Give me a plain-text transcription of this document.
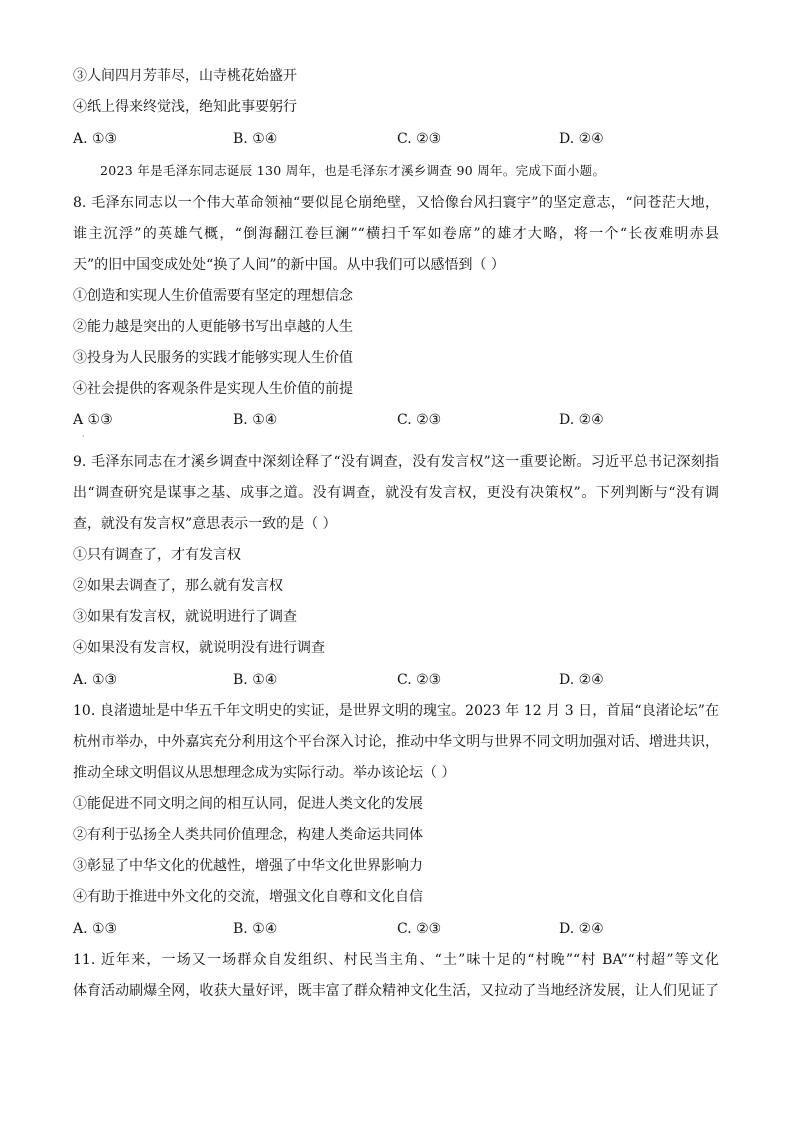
③人间四月芳菲尽，山寺桃花始盛开
④纸上得来终觉浅，绝知此事要躬行
A. ①③	B. ①④	C. ②③	D. ②④
2023 年是毛泽东同志诞辰 130 周年，也是毛泽东才溪乡调查 90 周年。完成下面小题。
8. 毛泽东同志以一个伟大革命领袖“要似昆仑崩绝壁，又恰像台风扫寰宇”的坚定意志，“问苍茫大地，
谁主沉浮”的英雄气概，“倒海翻江卷巨澜”“横扫千军如卷席”的雄才大略，将一个“长夜难明赤县
天”的旧中国变成处处“换了人间”的新中国。从中我们可以感悟到（ ）
①创造和实现人生价值需要有坚定的理想信念
②能力越是突出的人更能够书写出卓越的人生
③投身为人民服务的实践才能够实现人生价值
④社会提供的客观条件是实现人生价值的前提
A ①③	B. ①④	C. ②③	D. ②④
·
9. 毛泽东同志在才溪乡调查中深刻诠释了“没有调查，没有发言权”这一重要论断。习近平总书记深刻指
出“调查研究是谋事之基、成事之道。没有调查，就没有发言权，更没有决策权”。下列判断与“没有调
查，就没有发言权”意思表示一致的是（ ）
①只有调查了，才有发言权
②如果去调查了，那么就有发言权
③如果有发言权，就说明进行了调查
④如果没有发言权，就说明没有进行调查
A. ①③	B. ①④	C. ②③	D. ②④
10. 良渚遗址是中华五千年文明史的实证，是世界文明的瑰宝。2023 年 12 月 3 日，首届“良渚论坛”在
杭州市举办，中外嘉宾充分利用这个平台深入讨论，推动中华文明与世界不同文明加强对话、增进共识，
推动全球文明倡议从思想理念成为实际行动。举办该论坛（ ）
①能促进不同文明之间的相互认同，促进人类文化的发展
②有利于弘扬全人类共同价值理念，构建人类命运共同体
③彰显了中华文化的优越性，增强了中华文化世界影响力
④有助于推进中外文化的交流，增强文化自尊和文化自信
A. ①③	B. ①④	C. ②③	D. ②④
11. 近年来，一场又一场群众自发组织、村民当主角、“土”味十足的“村晚”“村 BA”“村超”等文化
体育活动刷爆全网，收获大量好评，既丰富了群众精神文化生活，又拉动了当地经济发展，让人们见证了
